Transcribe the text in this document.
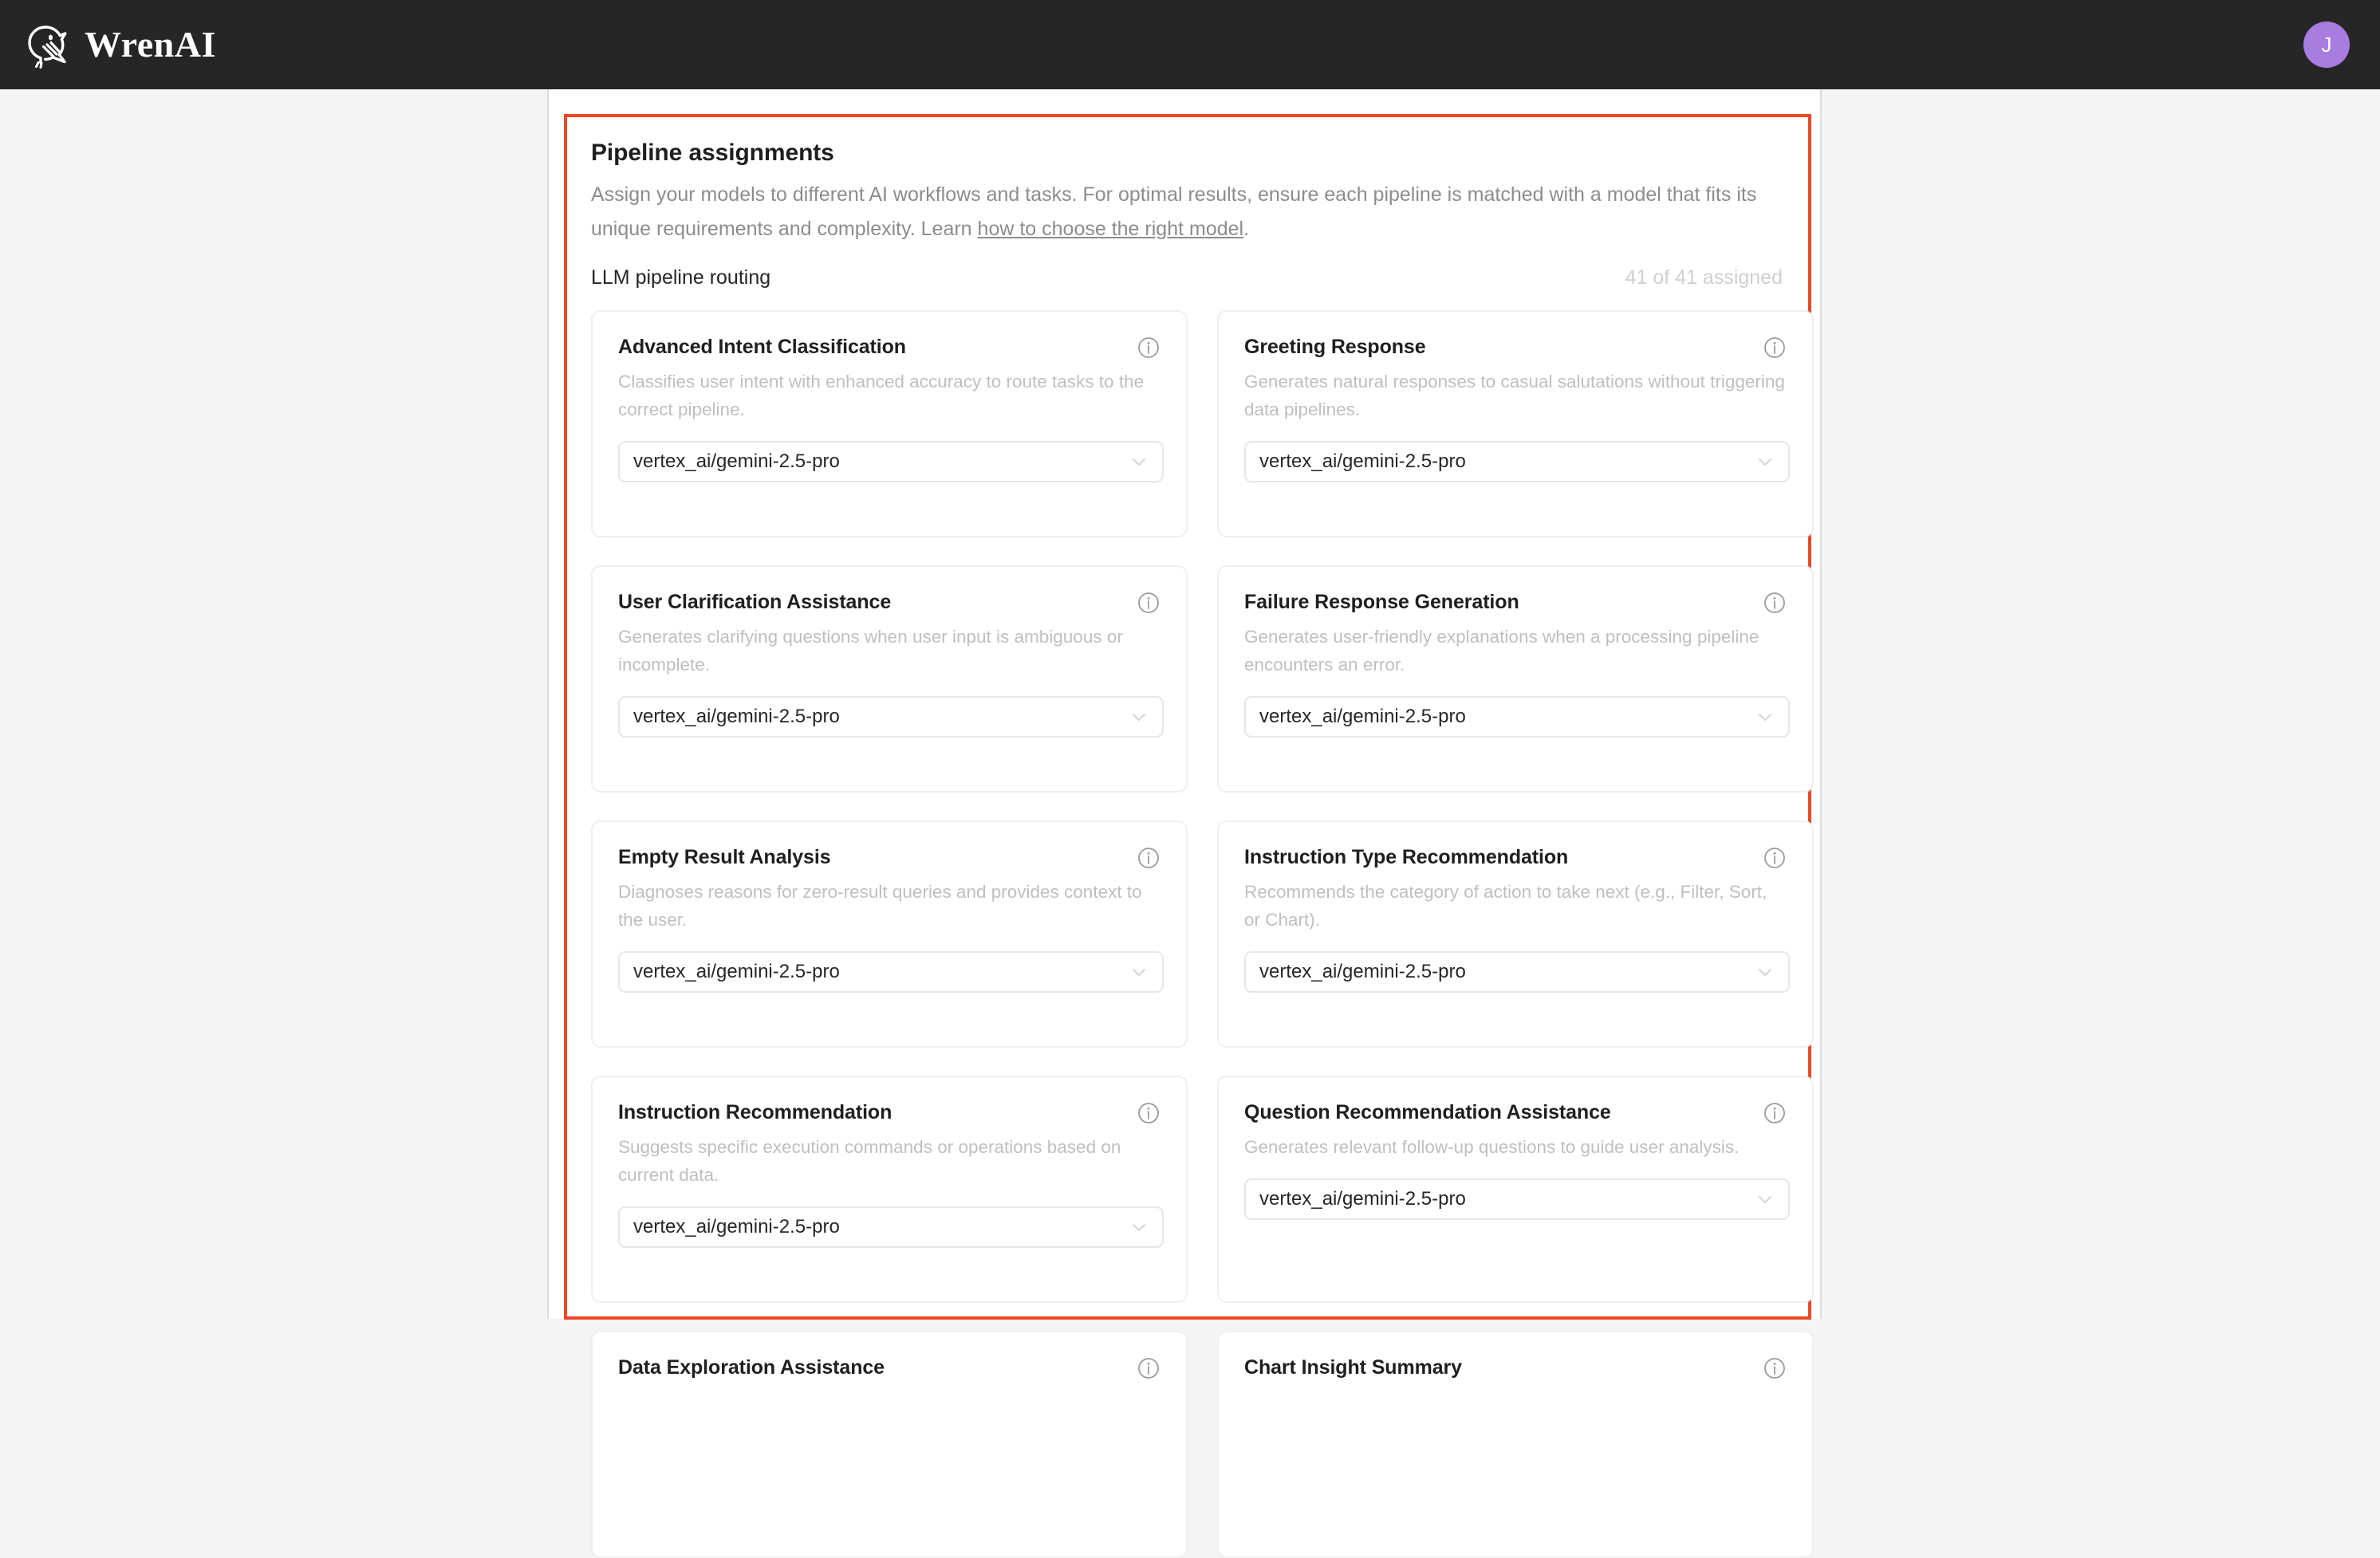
WrenAI	J
Pipeline assignments
Assign your models to different AI workflows and tasks. For optimal results, ensure each pipeline is matched with a model that fits its unique requirements and complexity. Learn how to choose the right model.
LLM pipeline routing	41 of 41 assigned
Advanced Intent Classification
Classifies user intent with enhanced accuracy to route tasks to the correct pipeline.
vertex_ai/gemini-2.5-pro
Greeting Response
Generates natural responses to casual salutations without triggering data pipelines.
vertex_ai/gemini-2.5-pro
User Clarification Assistance
Generates clarifying questions when user input is ambiguous or incomplete.
vertex_ai/gemini-2.5-pro
Failure Response Generation
Generates user-friendly explanations when a processing pipeline encounters an error.
vertex_ai/gemini-2.5-pro
Empty Result Analysis
Diagnoses reasons for zero-result queries and provides context to the user.
vertex_ai/gemini-2.5-pro
Instruction Type Recommendation
Recommends the category of action to take next (e.g., Filter, Sort, or Chart).
vertex_ai/gemini-2.5-pro
Instruction Recommendation
Suggests specific execution commands or operations based on current data.
vertex_ai/gemini-2.5-pro
Question Recommendation Assistance
Generates relevant follow-up questions to guide user analysis.
vertex_ai/gemini-2.5-pro
Data Exploration Assistance	Chart Insight Summary
